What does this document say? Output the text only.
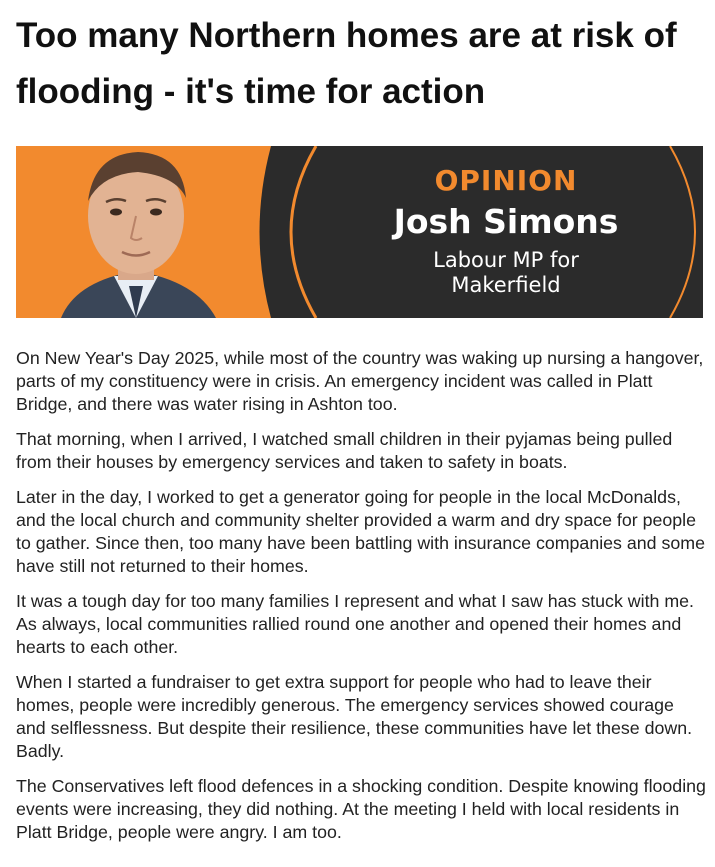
Too many Northern homes are at risk of flooding - it's time for action
OPINION
Josh Simons
Labour MP for Makerfield

On New Year's Day 2025, while most of the country was waking up nursing a hangover, parts of my constituency were in crisis. An emergency incident was called in Platt Bridge, and there was water rising in Ashton too.

That morning, when I arrived, I watched small children in their pyjamas being pulled from their houses by emergency services and taken to safety in boats.

Later in the day, I worked to get a generator going for people in the local McDonalds, and the local church and community shelter provided a warm and dry space for people to gather. Since then, too many have been battling with insurance companies and some have still not returned to their homes.

It was a tough day for too many families I represent and what I saw has stuck with me. As always, local communities rallied round one another and opened their homes and hearts to each other.

When I started a fundraiser to get extra support for people who had to leave their homes, people were incredibly generous. The emergency services showed courage and selflessness. But despite their resilience, these communities have let these down. Badly.

The Conservatives left flood defences in a shocking condition. Despite knowing flooding events were increasing, they did nothing. At the meeting I held with local residents in Platt Bridge, people were angry. I am too.
